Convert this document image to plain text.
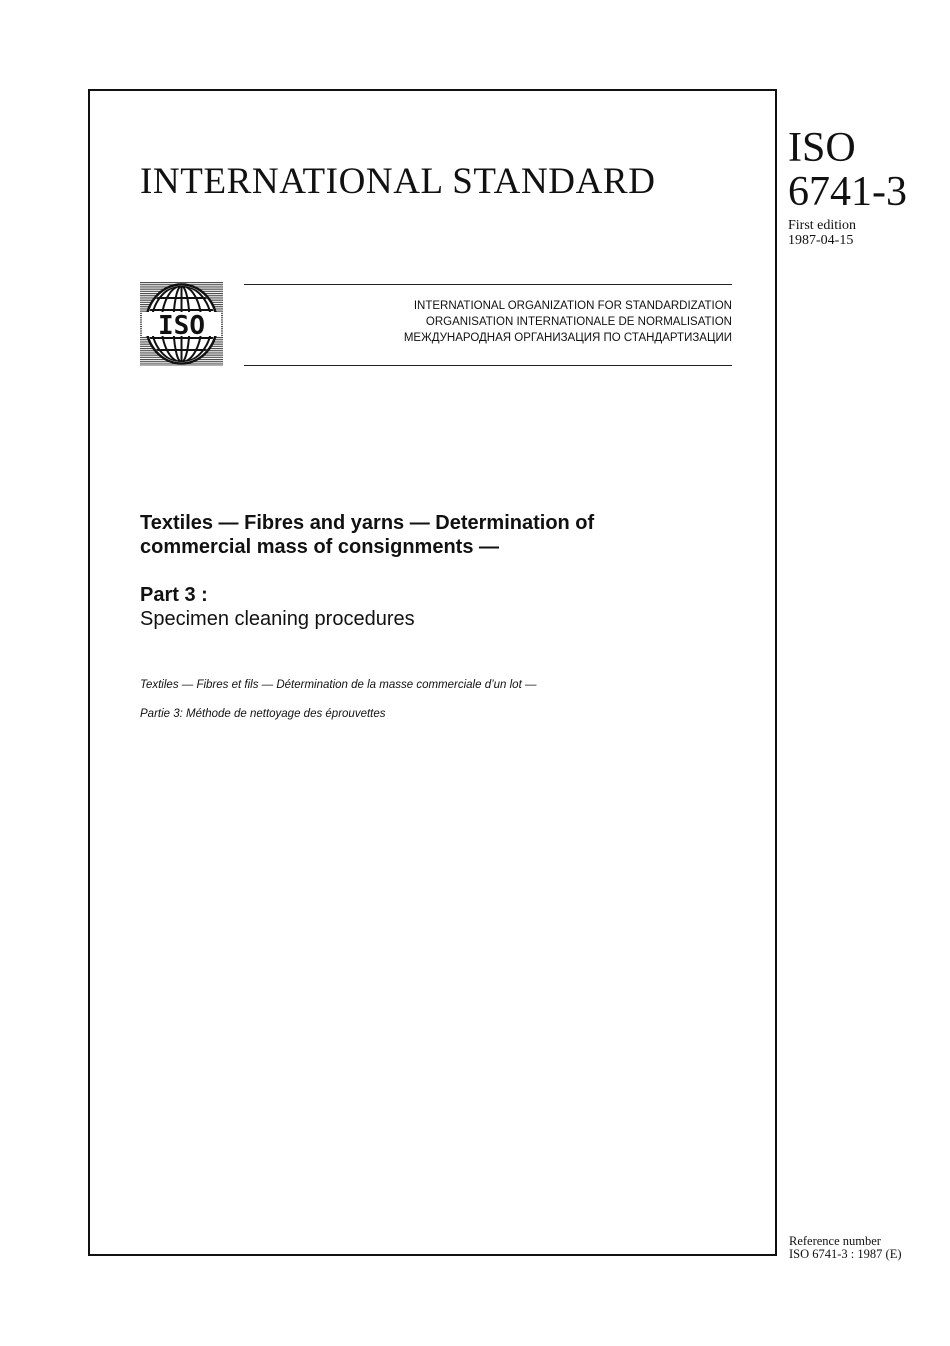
INTERNATIONAL STANDARD
ISO
6741-3
First edition
1987-04-15
ISO
INTERNATIONAL ORGANIZATION FOR STANDARDIZATION
ORGANISATION INTERNATIONALE DE NORMALISATION
МЕЖДУНАРОДНАЯ ОРГАНИЗАЦИЯ ПО СТАНДАРТИЗАЦИИ
Textiles — Fibres and yarns — Determination of
commercial mass of consignments —
Part 3 :
Specimen cleaning procedures
Textiles — Fibres et fils — Détermination de la masse commerciale d’un lot —
Partie 3: Méthode de nettoyage des éprouvettes
Reference number
ISO 6741-3 : 1987 (E)
